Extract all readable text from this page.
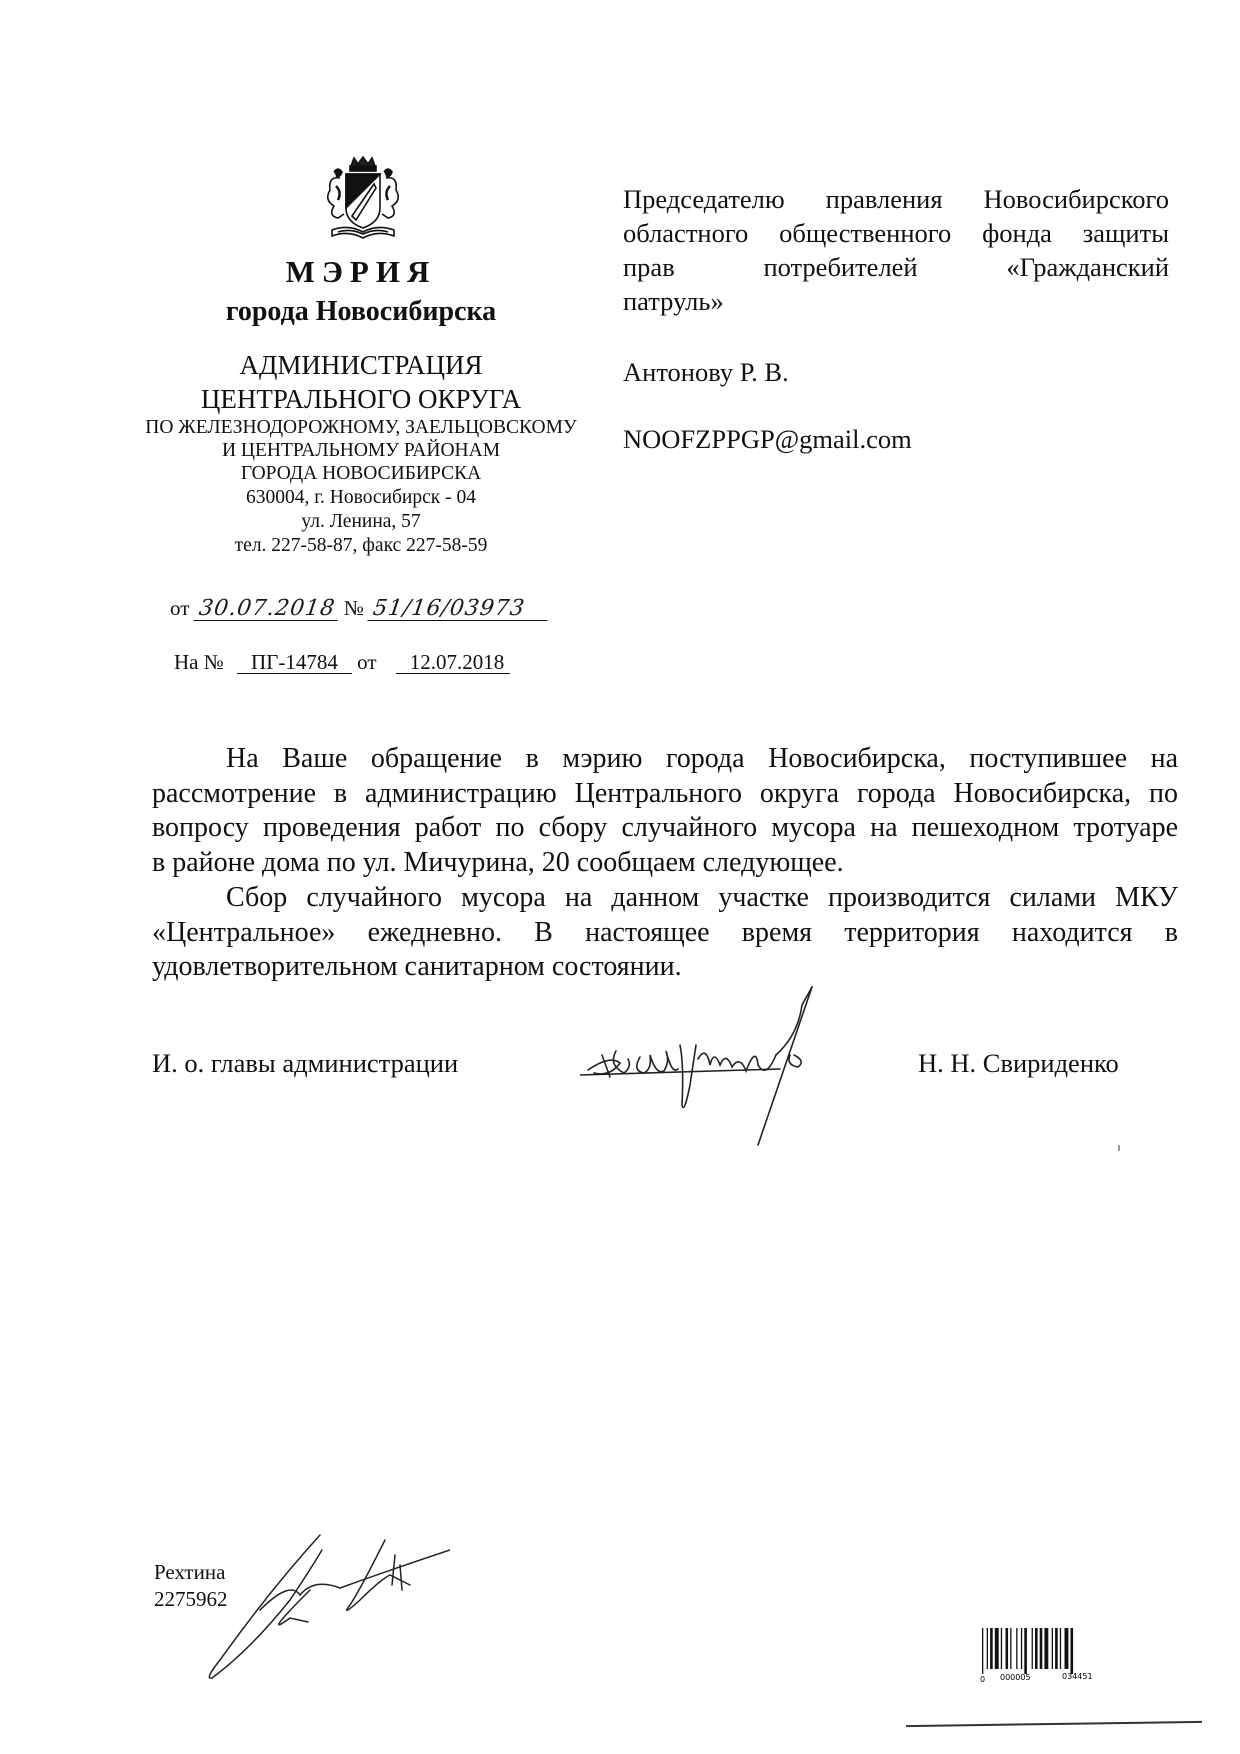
МЭРИЯ
города Новосибирска
АДМИНИСТРАЦИЯ
ЦЕНТРАЛЬНОГО ОКРУГА
ПО ЖЕЛЕЗНОДОРОЖНОМУ, ЗАЕЛЬЦОВСКОМУ
И ЦЕНТРАЛЬНОМУ РАЙОНАМ
ГОРОДА НОВОСИБИРСКА
630004, г. Новосибирск - 04
ул. Ленина, 57
тел. 227-58-87, факс 227-58-59
от 30.07.2018 № 51/16/03973
На № ПГ-14784 от 12.07.2018
Председателю правления Новосибирского
областного общественного фонда защиты
прав потребителей «Гражданский
патруль»
Антонову Р. В.
NOOFZPPGP@gmail.com
На Ваше обращение в мэрию города Новосибирска, поступившее на
рассмотрение в администрацию Центрального округа города Новосибирска, по
вопросу проведения работ по сбору случайного мусора на пешеходном тротуаре
в районе дома по ул. Мичурина, 20 сообщаем следующее.
Сбор случайного мусора на данном участке производится силами МКУ
«Центральное» ежедневно. В настоящее время территория находится в
удовлетворительном санитарном состоянии.
И. о. главы администрации	Н. Н. Свириденко
Рехтина
2275962
0 000005	034451
